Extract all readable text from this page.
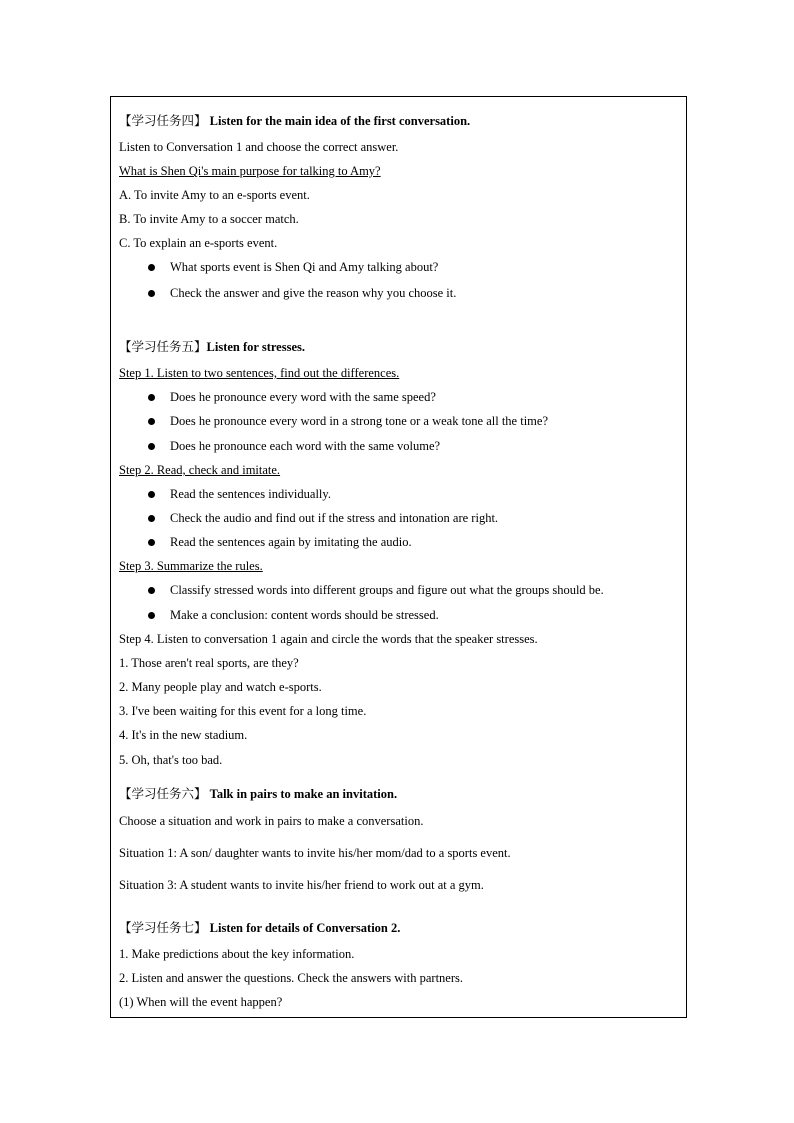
【学习任务四】 Listen for the main idea of the first conversation.
Listen to Conversation 1 and choose the correct answer.
What is Shen Qi's main purpose for talking to Amy?
A. To invite Amy to an e-sports event.
B. To invite Amy to a soccer match.
C. To explain an e-sports event.
What sports event is Shen Qi and Amy talking about?
Check the answer and give the reason why you choose it.
【学习任务五】Listen for stresses.
Step 1. Listen to two sentences, find out the differences.
Does he pronounce every word with the same speed?
Does he pronounce every word in a strong tone or a weak tone all the time?
Does he pronounce each word with the same volume?
Step 2. Read, check and imitate.
Read the sentences individually.
Check the audio and find out if the stress and intonation are right.
Read the sentences again by imitating the audio.
Step 3. Summarize the rules.
Classify stressed words into different groups and figure out what the groups should be.
Make a conclusion: content words should be stressed.
Step 4. Listen to conversation 1 again and circle the words that the speaker stresses.
1. Those aren't real sports, are they?
2. Many people play and watch e-sports.
3. I've been waiting for this event for a long time.
4. It's in the new stadium.
5. Oh, that's too bad.
【学习任务六】 Talk in pairs to make an invitation.
Choose a situation and work in pairs to make a conversation.
Situation 1: A son/ daughter wants to invite his/her mom/dad to a sports event.
Situation 3: A student wants to invite his/her friend to work out at a gym.
【学习任务七】 Listen for details of Conversation 2.
1. Make predictions about the key information.
2. Listen and answer the questions. Check the answers with partners.
(1) When will the event happen?
